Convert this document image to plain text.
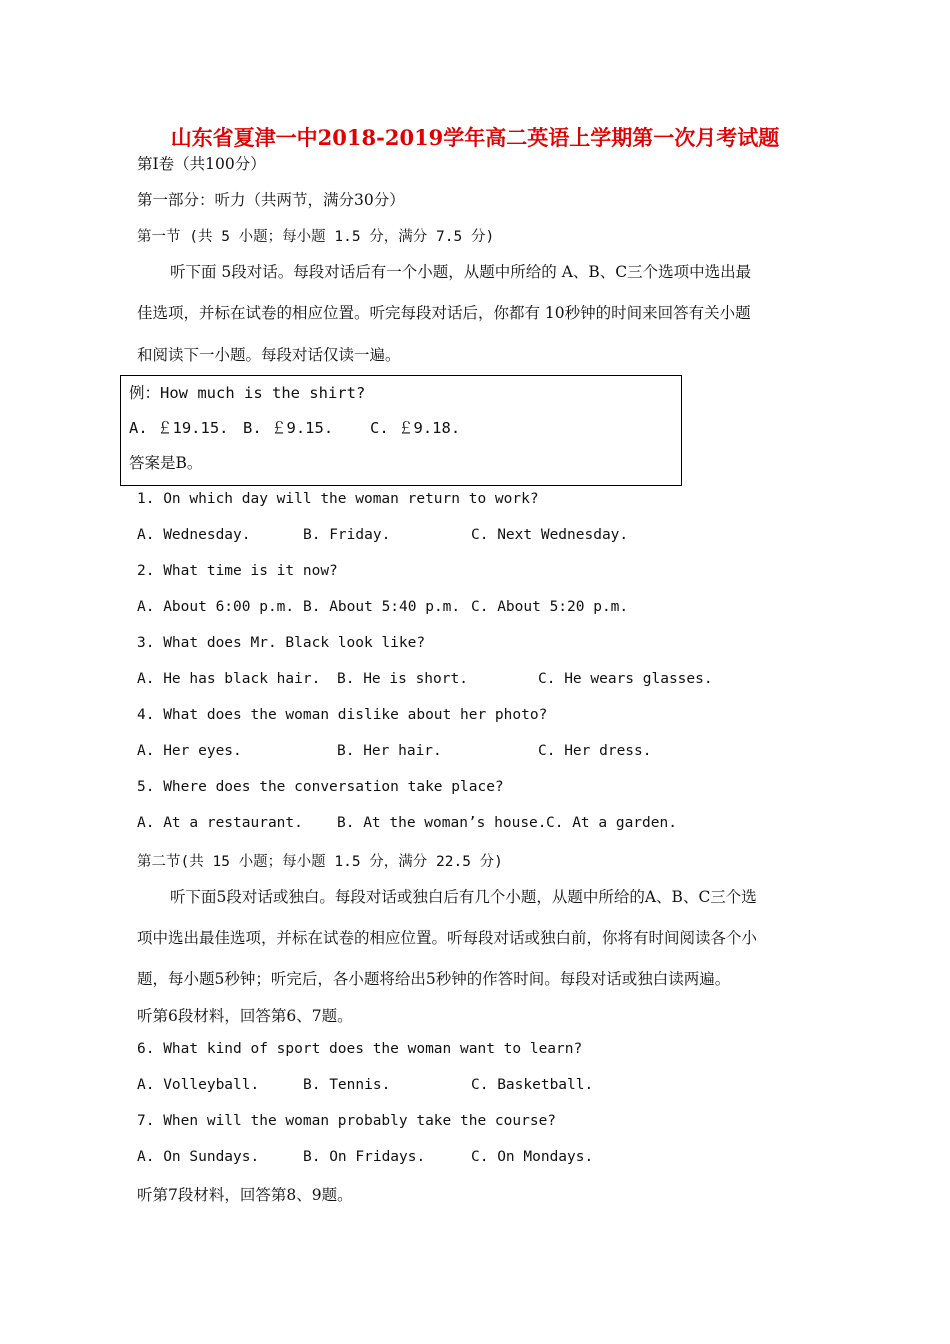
山东省夏津一中2018-2019学年高二英语上学期第一次月考试题
第Ⅰ卷（共100分）
第一部分：听力（共两节，满分30分）
第一节 (共 5 小题；每小题 1.5 分，满分 7.5 分)
听下面 5段对话。每段对话后有一个小题，从题中所给的 A、B、C三个选项中选出最
佳选项，并标在试卷的相应位置。听完每段对话后，你都有 10秒钟的时间来回答有关小题
和阅读下一小题。每段对话仅读一遍。
例：How much is the shirt?
A. ￡19.15. B. ￡9.15. C. ￡9.18.
答案是B。
1. On which day will the woman return to work?
A. Wednesday.	B. Friday.	C. Next Wednesday.
2. What time is it now?
A. About 6:00 p.m. B. About 5:40 p.m. C. About 5:20 p.m.
3. What does Mr. Black look like?
A. He has black hair. B. He is short.	C. He wears glasses.
4. What does the woman dislike about her photo?
A. Her eyes.	B. Her hair.	C. Her dress.
5. Where does the conversation take place?
A. At a restaurant. B. At the woman’s house. C. At a garden.
第二节(共 15 小题；每小题 1.5 分，满分 22.5 分)
听下面5段对话或独白。每段对话或独白后有几个小题，从题中所给的A、B、C三个选
项中选出最佳选项，并标在试卷的相应位置。听每段对话或独白前，你将有时间阅读各个小
题，每小题5秒钟；听完后，各小题将给出5秒钟的作答时间。每段对话或独白读两遍。
听第6段材料，回答第6、7题。
6. What kind of sport does the woman want to learn?
A. Volleyball.	B. Tennis.	C. Basketball.
7. When will the woman probably take the course?
A. On Sundays.	B. On Fridays.	C. On Mondays.
听第7段材料，回答第8、9题。
